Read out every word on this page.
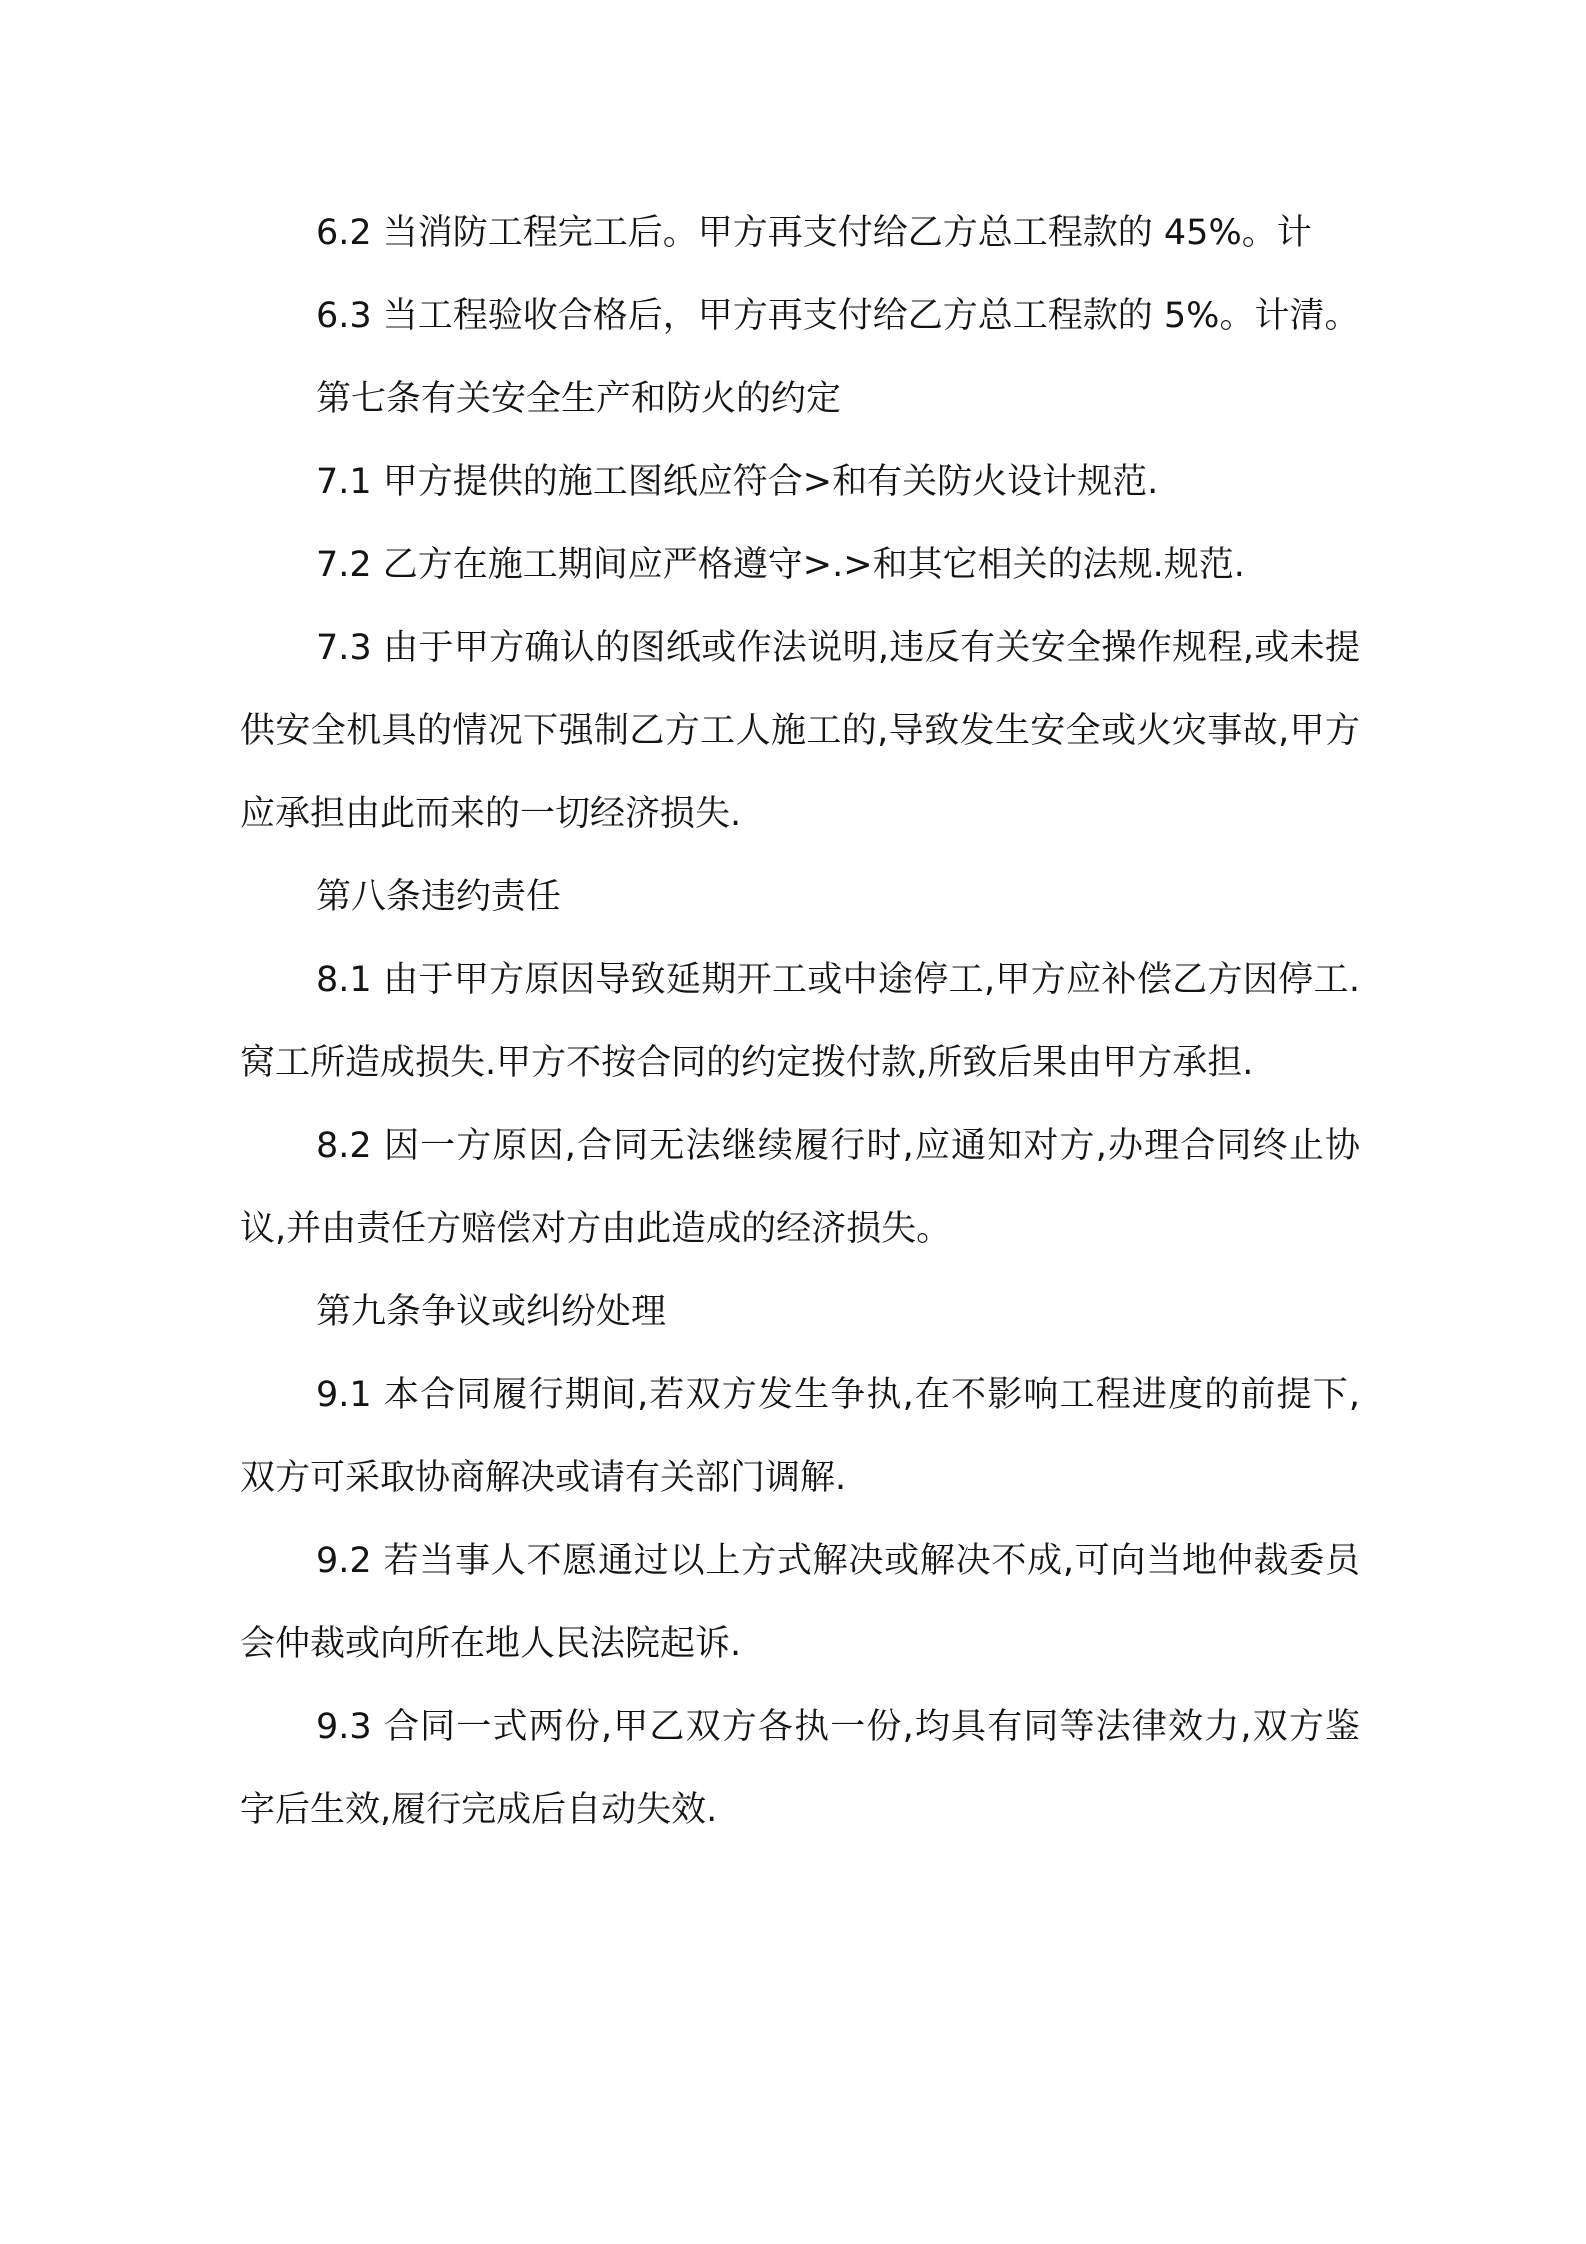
6.2 当消防工程完工后。甲方再支付给乙方总工程款的 45%。计

6.3 当工程验收合格后，甲方再支付给乙方总工程款的 5%。计清。

第七条有关安全生产和防火的约定

7.1 甲方提供的施工图纸应符合>和有关防火设计规范.

7.2 乙方在施工期间应严格遵守>.>和其它相关的法规.规范.

7.3 由于甲方确认的图纸或作法说明,违反有关安全操作规程,或未提供安全机具的情况下强制乙方工人施工的,导致发生安全或火灾事故,甲方应承担由此而来的一切经济损失.

第八条违约责任

8.1 由于甲方原因导致延期开工或中途停工,甲方应补偿乙方因停工.窝工所造成损失.甲方不按合同的约定拨付款,所致后果由甲方承担.

8.2 因一方原因,合同无法继续履行时,应通知对方,办理合同终止协议,并由责任方赔偿对方由此造成的经济损失。

第九条争议或纠纷处理

9.1 本合同履行期间,若双方发生争执,在不影响工程进度的前提下,双方可采取协商解决或请有关部门调解.

9.2 若当事人不愿通过以上方式解决或解决不成,可向当地仲裁委员会仲裁或向所在地人民法院起诉.

9.3 合同一式两份,甲乙双方各执一份,均具有同等法律效力,双方鉴字后生效,履行完成后自动失效.
